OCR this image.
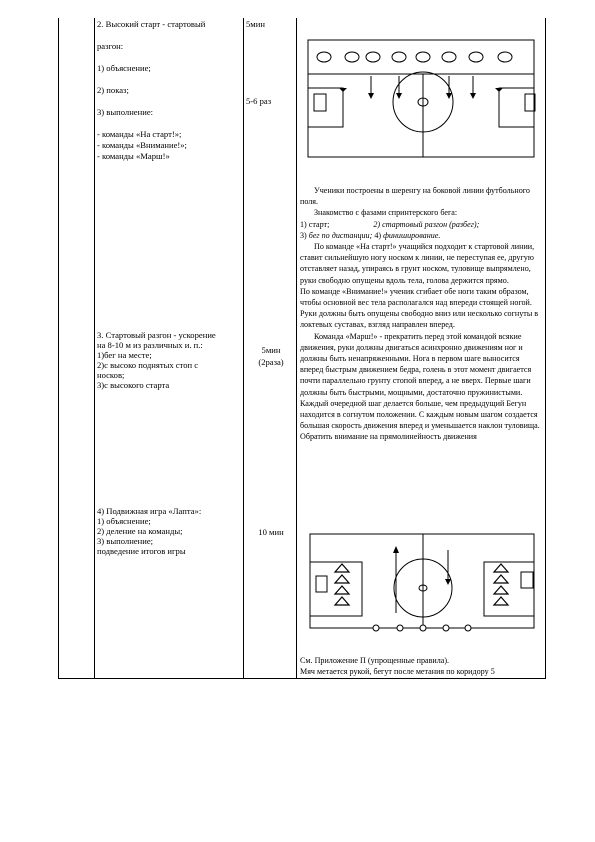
2. Высокий старт - стартовый

разгон:

1) объяснение;

2) показ;

3) выполнение:

- команды «На старт!»;

- команды «Внимание!»;

- команды «Марш!»

5мин
5-6 раз

3. Стартовый разгон - ускорение

на 8-10 м из различных и. п.:

1)бег на месте;

2)с высоко поднятых стоп с

носков;

3)с высокого старта

5мин

(2раза)

4) Подвижная игра «Лапта»:

1) объяснение;

2) деление на команды;

3) выполнение;

подведение итогов игры

10 мин

Ученики построены в шеренгу на боковой линии футбольного поля.

Знакомство с фазами спринтерского бега:

1) старт;	2) стартовый разгон (разбег);

3) бег по дистанции; 4) финиширование.

По команде «На старт!» учащийся подходит к стартовой линии, ставит сильнейшую ногу носком к линии, не переступая ее, другую отставляет назад, упираясь в грунт носком, туловище выпрямлено, руки свободно опущены вдоль тела, голова держится прямо.

По команде «Внимание!» ученик сгибает обе ноги таким образом, чтобы основной вес тела располагался над впереди стоящей ногой. Руки должны быть опущены свободно вниз или несколько согнуты в локтевых суставах, взгляд направлен вперед.

Команда «Марш!» - прекратить перед этой командой всякие движения, руки должны двигаться асинхронно движениям ног и должны быть ненапряженными. Нога в первом шаге выносится вперед быстрым движением бедра, голень в этот момент двигается почти параллельно грунту стопой вперед, а не вверх. Первые шаги должны быть быстрыми, мощными, достаточно пружинистыми. Каждый очередной шаг делается больше, чем предыдущий Бегун находится в согнутом положении. С каждым новым шагом создается большая скорость движения вперед и уменьшается наклон туловища. Обратить внимание на прямолинейность движения

См. Приложение П (упрощенные правила).

Мяч метается рукой, бегут после метания по коридору 5
